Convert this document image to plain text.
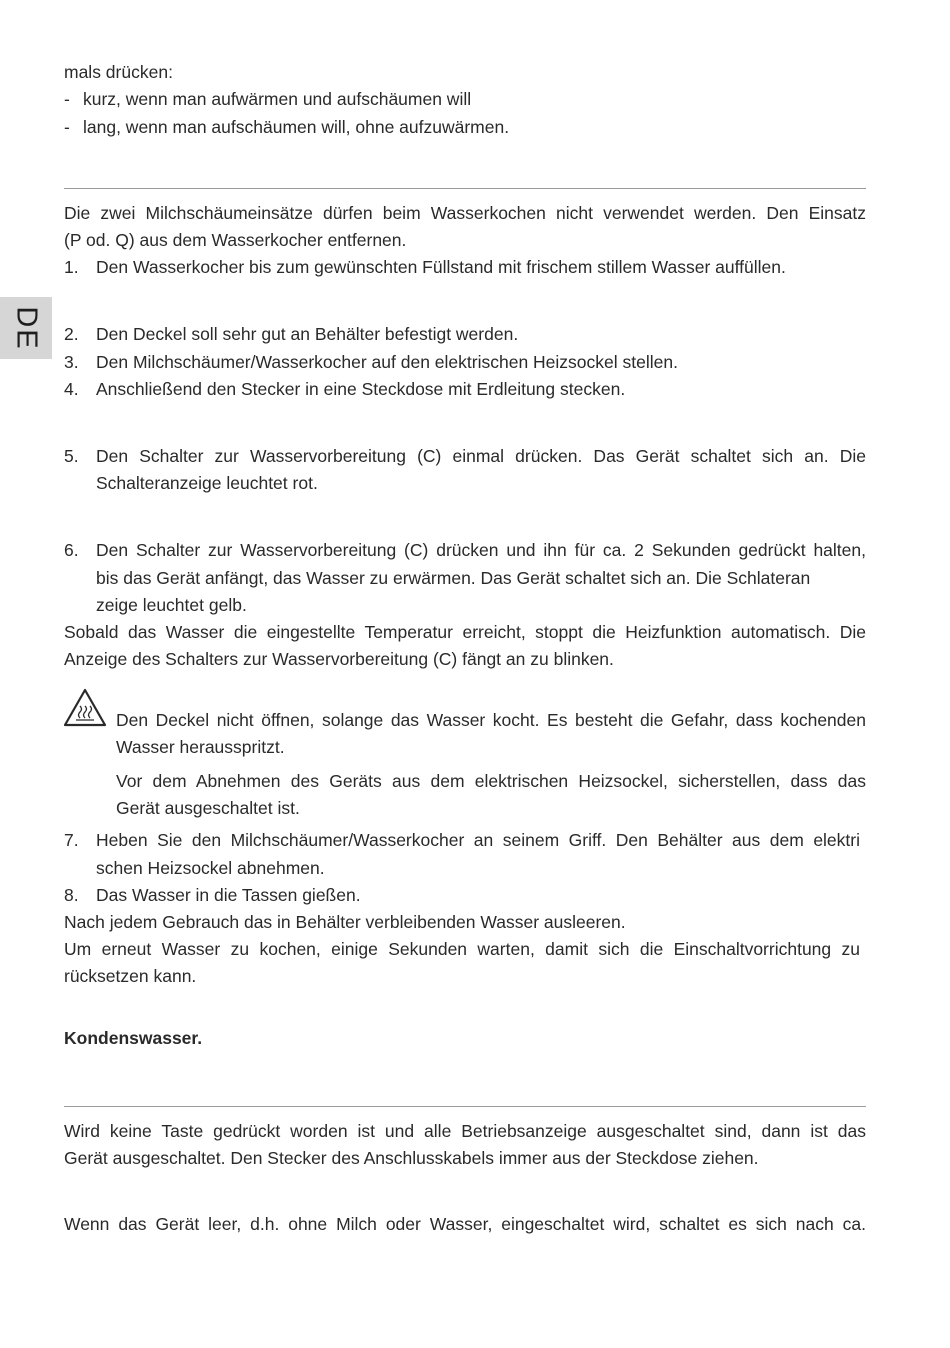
DE
mals drücken:
- kurz, wenn man aufwärmen und aufschäumen will
- lang, wenn man aufschäumen will, ohne aufzuwärmen.
Die zwei Milchschäumeinsätze dürfen beim Wasserkochen nicht verwendet werden. Den Einsatz
(P od. Q) aus dem Wasserkocher entfernen.
1. Den Wasserkocher bis zum gewünschten Füllstand mit frischem stillem Wasser auffüllen.
2. Den Deckel soll sehr gut an Behälter befestigt werden.
3. Den Milchschäumer/Wasserkocher auf den elektrischen Heizsockel stellen.
4. Anschließend den Stecker in eine Steckdose mit Erdleitung stecken.
5. Den Schalter zur Wasservorbereitung (C) einmal drücken. Das Gerät schaltet sich an. Die
Schalteranzeige leuchtet rot.
6. Den Schalter zur Wasservorbereitung (C) drücken und ihn für ca. 2 Sekunden gedrückt halten,
bis das Gerät anfängt, das Wasser zu erwärmen. Das Gerät schaltet sich an. Die Schlateran
zeige leuchtet gelb.
Sobald das Wasser die eingestellte Temperatur erreicht, stoppt die Heizfunktion automatisch. Die
Anzeige des Schalters zur Wasservorbereitung (C) fängt an zu blinken.
Den Deckel nicht öffnen, solange das Wasser kocht. Es besteht die Gefahr, dass kochenden
Wasser herausspritzt.
Vor dem Abnehmen des Geräts aus dem elektrischen Heizsockel, sicherstellen, dass das
Gerät ausgeschaltet ist.
7. Heben Sie den Milchschäumer/Wasserkocher an seinem Griff. Den Behälter aus dem elektri
schen Heizsockel abnehmen.
8. Das Wasser in die Tassen gießen.
Nach jedem Gebrauch das in Behälter verbleibenden Wasser ausleeren.
Um erneut Wasser zu kochen, einige Sekunden warten, damit sich die Einschaltvorrichtung zu
rücksetzen kann.
Kondenswasser.
Wird keine Taste gedrückt worden ist und alle Betriebsanzeige ausgeschaltet sind, dann ist das
Gerät ausgeschaltet. Den Stecker des Anschlusskabels immer aus der Steckdose ziehen.
Wenn das Gerät leer, d.h. ohne Milch oder Wasser, eingeschaltet wird, schaltet es sich nach ca.
